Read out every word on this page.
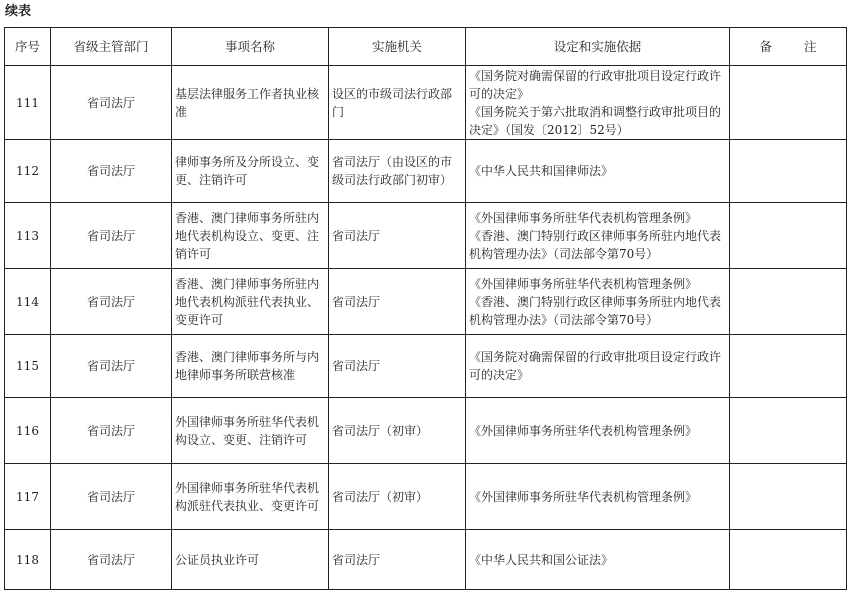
续表
序号	省级主管部门	事项名称	实施机关	设定和实施依据	备 注
111	省司法厅	基层法律服务工作者执业核准	设区的市级司法行政部门	《国务院对确需保留的行政审批项目设定行政许可的决定》
《国务院关于第六批取消和调整行政审批项目的决定》（国发〔2012〕52号）	

112	省司法厅	律师事务所及分所设立、变更、注销许可	省司法厅（由设区的市级司法行政部门初审）	《中华人民共和国律师法》	

113	省司法厅	香港、澳门律师事务所驻内地代表机构设立、变更、注销许可	省司法厅	《外国律师事务所驻华代表机构管理条例》
《香港、澳门特别行政区律师事务所驻内地代表机构管理办法》（司法部令第70号）	

114	省司法厅	香港、澳门律师事务所驻内地代表机构派驻代表执业、变更许可	省司法厅	《外国律师事务所驻华代表机构管理条例》
《香港、澳门特别行政区律师事务所驻内地代表机构管理办法》（司法部令第70号）	

115	省司法厅	香港、澳门律师事务所与内地律师事务所联营核准	省司法厅	《国务院对确需保留的行政审批项目设定行政许可的决定》	

116	省司法厅	外国律师事务所驻华代表机构设立、变更、注销许可	省司法厅（初审）	《外国律师事务所驻华代表机构管理条例》	

117	省司法厅	外国律师事务所驻华代表机构派驻代表执业、变更许可	省司法厅（初审）	《外国律师事务所驻华代表机构管理条例》	

118	省司法厅	公证员执业许可	省司法厅	《中华人民共和国公证法》	
